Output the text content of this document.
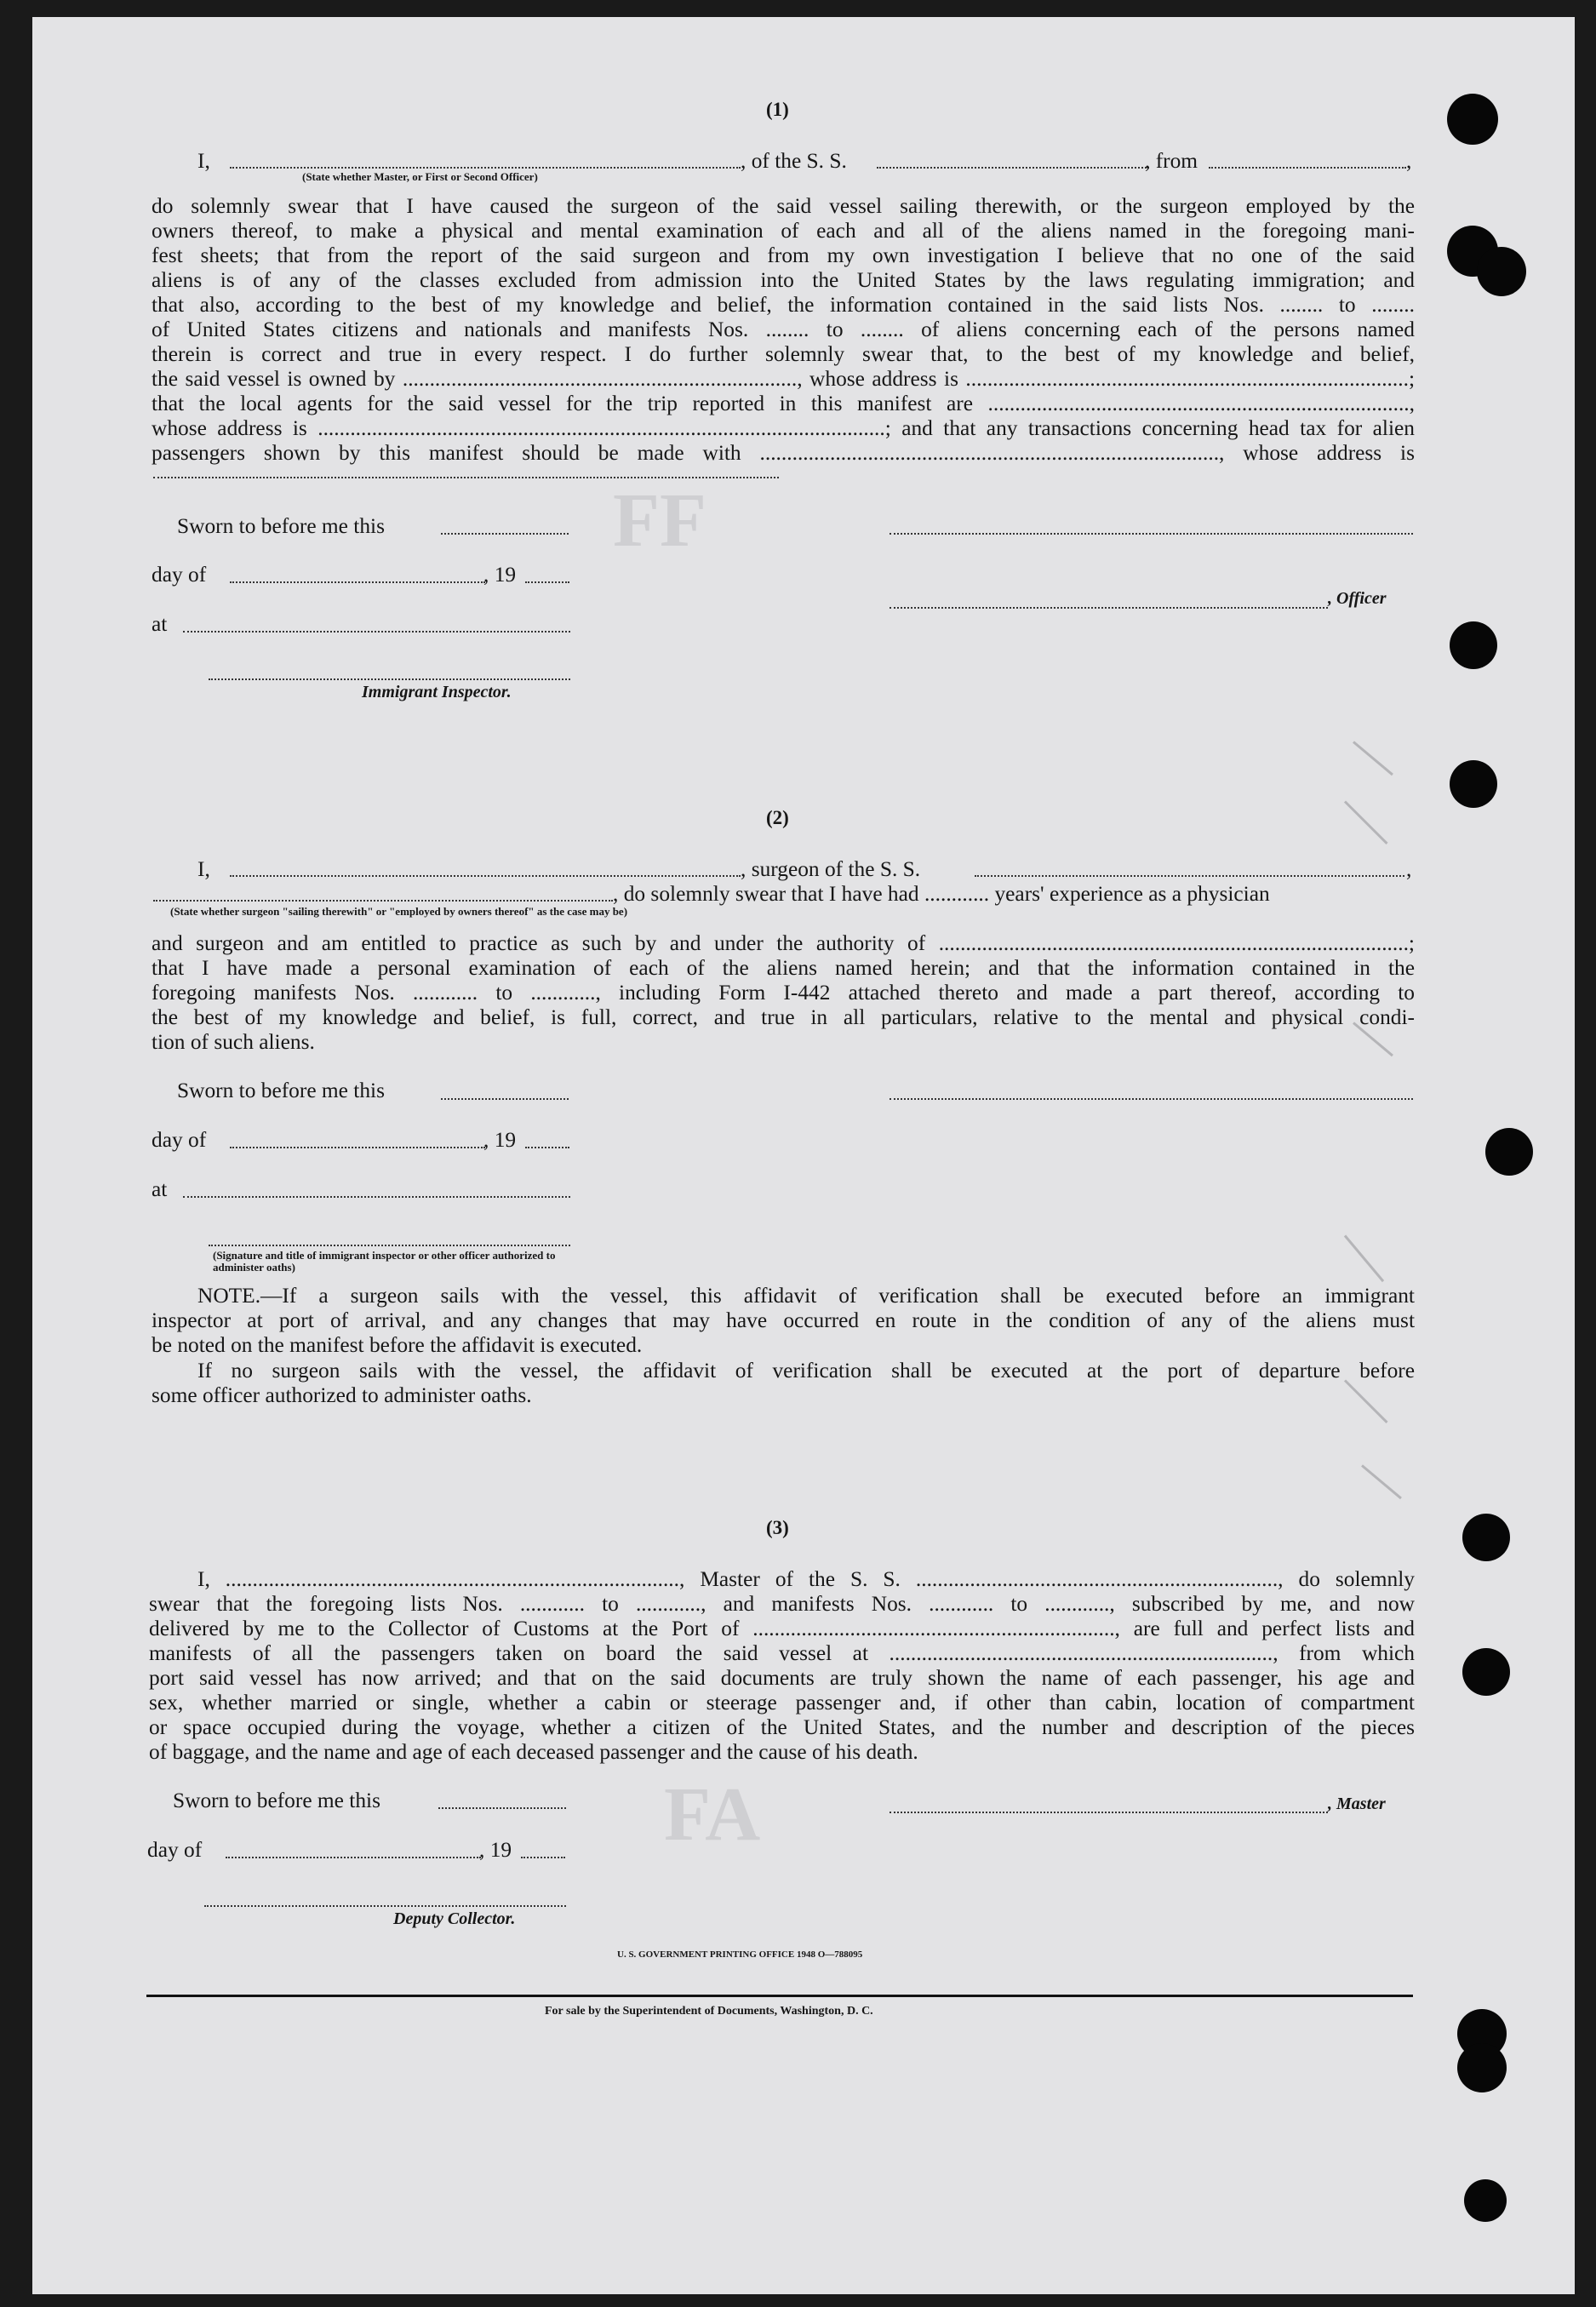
FF
FA
(1)
I,	, of the S. S.	, from	,
(State whether Master, or First or Second Officer)
do solemnly swear that I have caused the surgeon of the said vessel sailing therewith, or the surgeon employed by the
owners thereof, to make a physical and mental examination of each and all of the aliens named in the foregoing mani-
fest sheets; that from the report of the said surgeon and from my own investigation I believe that no one of the said
aliens is of any of the classes excluded from admission into the United States by the laws regulating immigration; and
that also, according to the best of my knowledge and belief, the information contained in the said lists Nos. ........ to ........
of United States citizens and nationals and manifests Nos. ........ to ........ of aliens concerning each of the persons named
therein is correct and true in every respect. I do further solemnly swear that, to the best of my knowledge and belief,
the said vessel is owned by ........................................................................., whose address is ..................................................................................;
that the local agents for the said vessel for the trip reported in this manifest are ..............................................................................,
whose address is .........................................................................................................; and that any transactions concerning head tax for alien
passengers shown by this manifest should be made with ....................................................................................., whose address is
Sworn to before me this
day of	, 19
, Officer
at
Immigrant Inspector.
(2)
I,	, surgeon of the S. S.	,
, do solemnly swear that I have had ............ years' experience as a physician
(State whether surgeon "sailing therewith" or "employed by owners thereof" as the case may be)
and surgeon and am entitled to practice as such by and under the authority of .......................................................................................;
that I have made a personal examination of each of the aliens named herein; and that the information contained in the
foregoing manifests Nos. ............ to ............, including Form I-442 attached thereto and made a part thereof, according to
the best of my knowledge and belief, is full, correct, and true in all particulars, relative to the mental and physical condi-
tion of such aliens.
Sworn to before me this
day of	, 19
at
(Signature and title of immigrant inspector or other officer authorized to administer oaths)
NOTE.—If a surgeon sails with the vessel, this affidavit of verification shall be executed before an immigrant
inspector at port of arrival, and any changes that may have occurred en route in the condition of any of the aliens must
be noted on the manifest before the affidavit is executed.
If no surgeon sails with the vessel, the affidavit of verification shall be executed at the port of departure before
some officer authorized to administer oaths.
(3)
I, ...................................................................................., Master of the S. S. ..................................................................., do solemnly
swear that the foregoing lists Nos. ............ to ............, and manifests Nos. ............ to ............, subscribed by me, and now
delivered by me to the Collector of Customs at the Port of ..................................................................., are full and perfect lists and
manifests of all the passengers taken on board the said vessel at ......................................................................., from which
port said vessel has now arrived; and that on the said documents are truly shown the name of each passenger, his age and
sex, whether married or single, whether a cabin or steerage passenger and, if other than cabin, location of compartment
or space occupied during the voyage, whether a citizen of the United States, and the number and description of the pieces
of baggage, and the name and age of each deceased passenger and the cause of his death.
Sworn to before me this	, Master
day of	, 19
Deputy Collector.
U. S. GOVERNMENT PRINTING OFFICE 1948 O—788095
For sale by the Superintendent of Documents, Washington, D. C.
